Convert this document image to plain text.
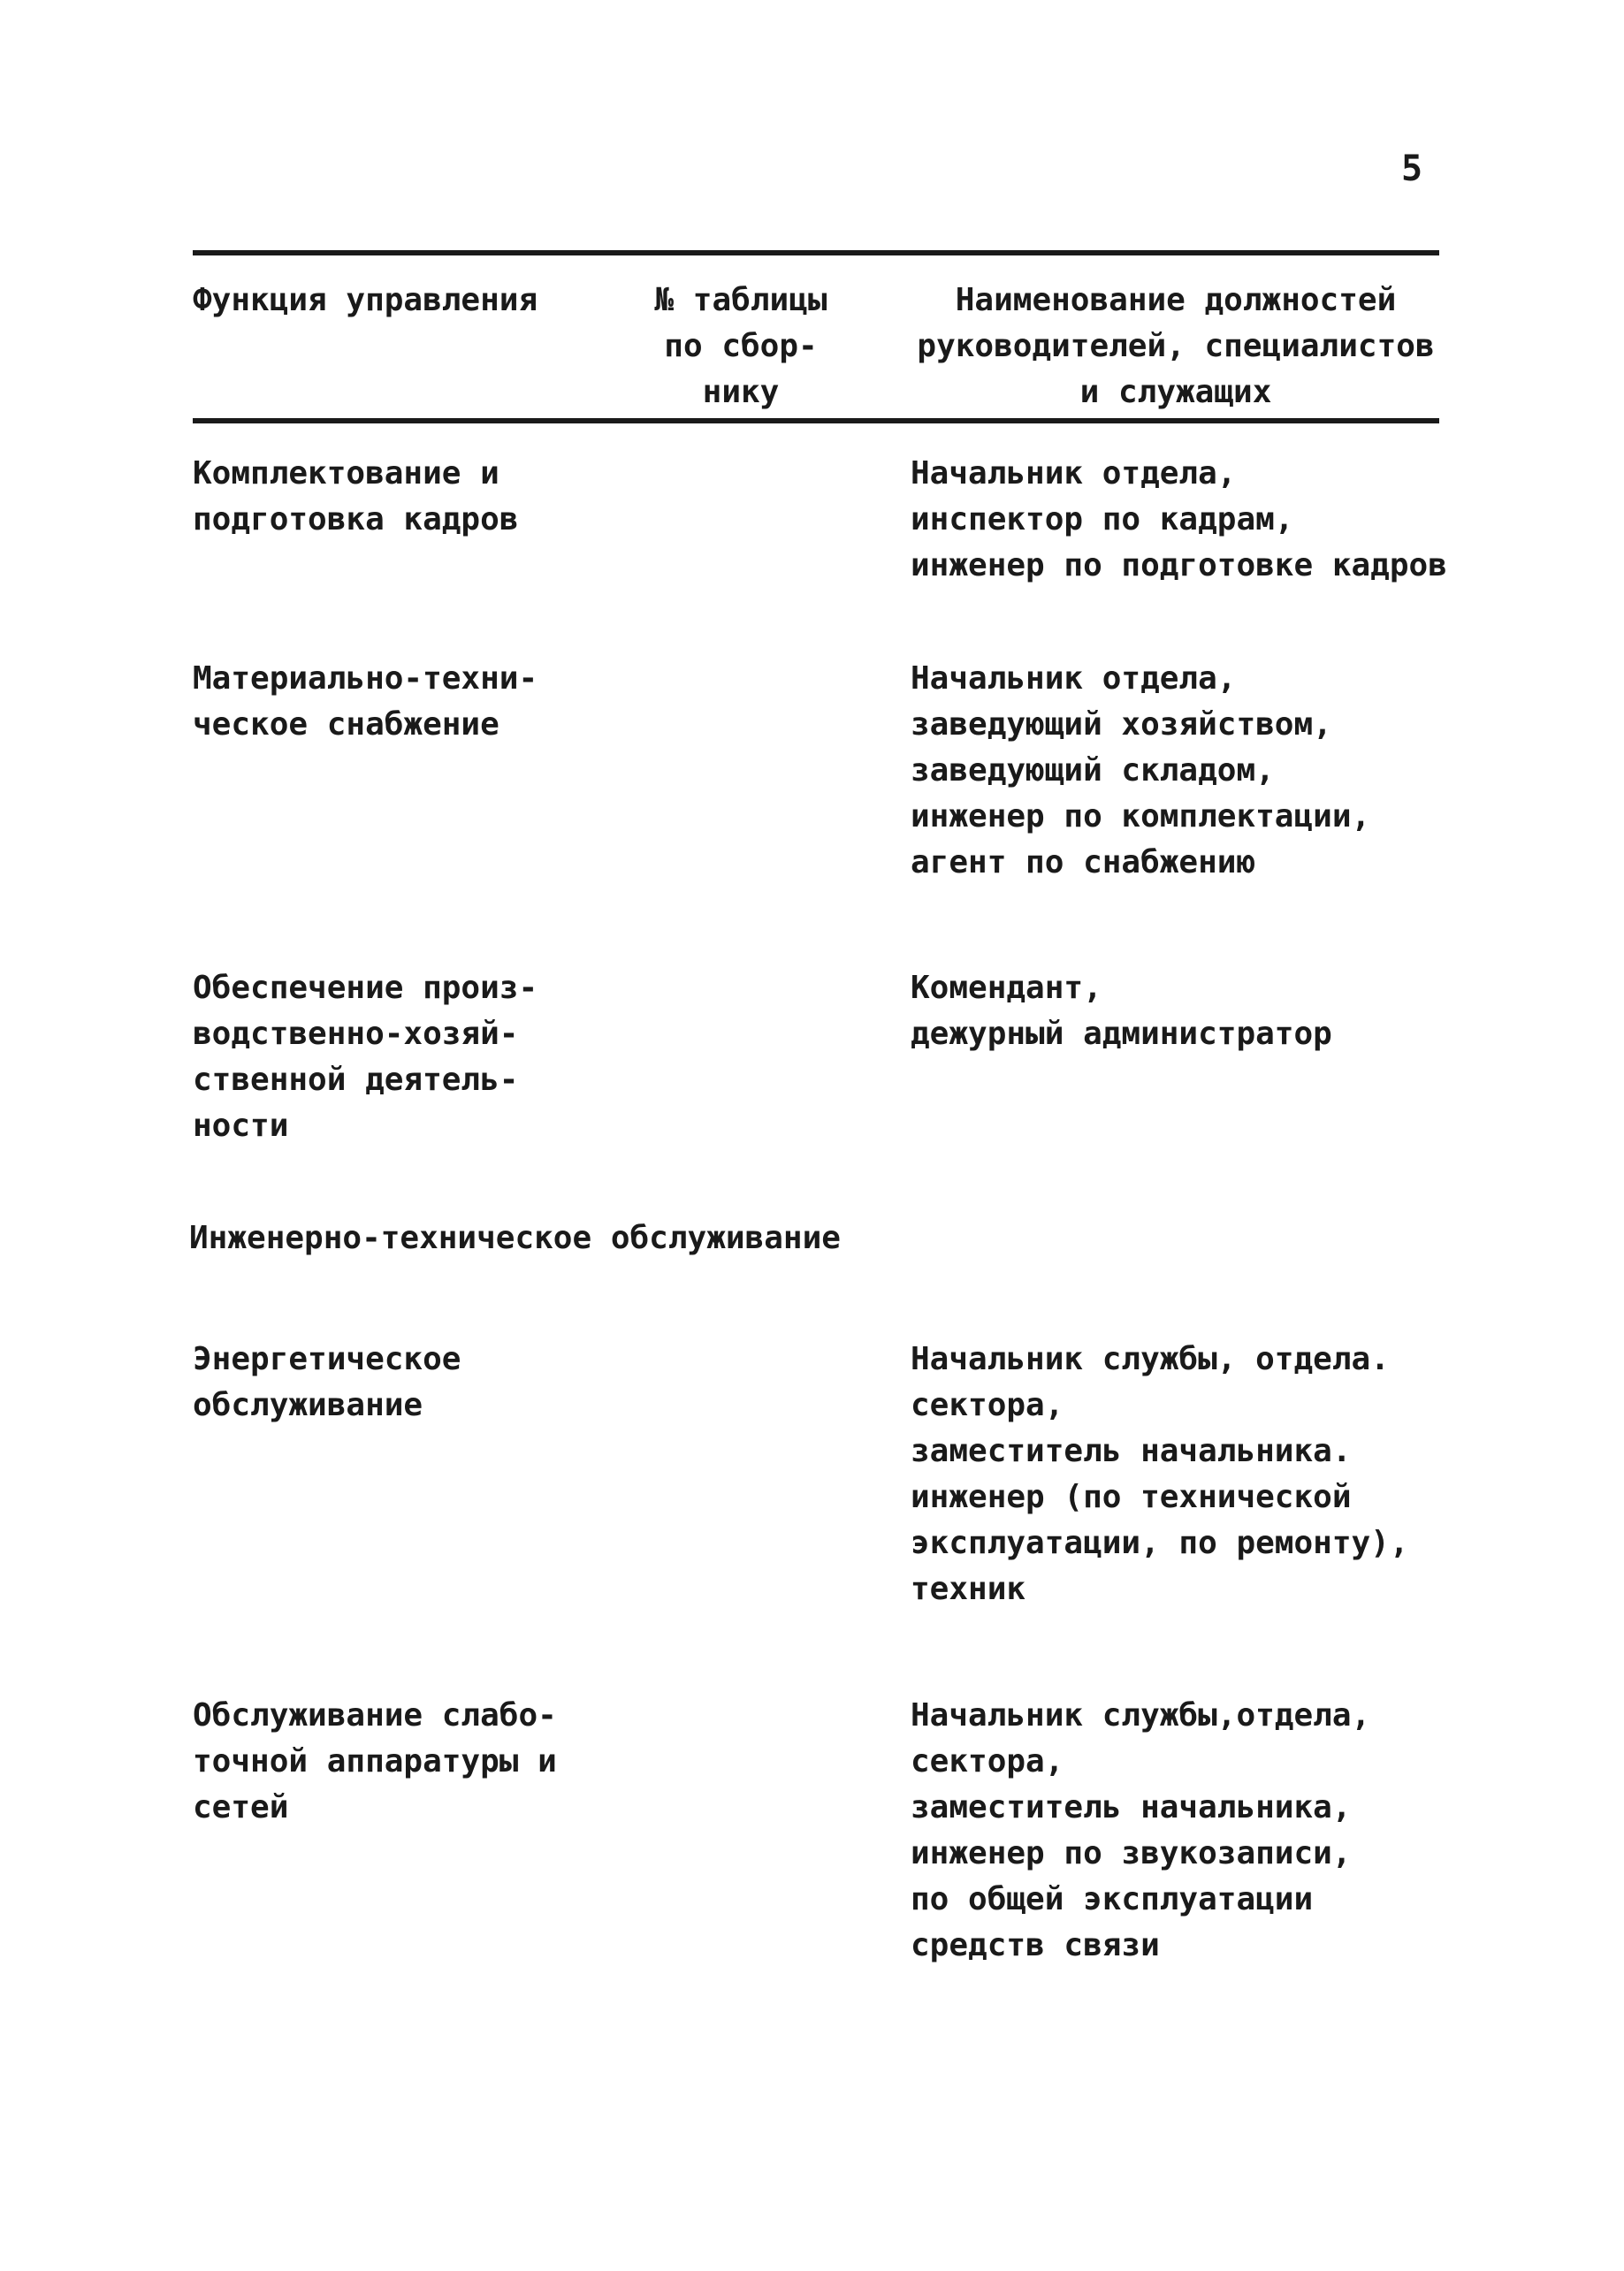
5
Функция управления	№ таблицы
по сбор-
нику
Наименование должностей
руководителей, специалистов
и служащих
Комплектование и
подготовка кадров
Начальник отдела,
инспектор по кадрам,
инженер по подготовке кадров
Материально-техни-
ческое снабжение
Начальник отдела,
заведующий хозяйством,
заведующий складом,
инженер по комплектации,
агент по снабжению
Обеспечение произ-
водственно-хозяй-
ственной деятель-
ности
Комендант,
дежурный администратор
Инженерно-техническое обслуживание
Энергетическое
обслуживание
Начальник службы, отдела.
сектора,
заместитель начальника.
инженер (по технической
эксплуатации, по ремонту),
техник
Обслуживание слабо-
точной аппаратуры и
сетей
Начальник службы,отдела,
сектора,
заместитель начальника,
инженер по звукозаписи,
по общей эксплуатации
средств связи
